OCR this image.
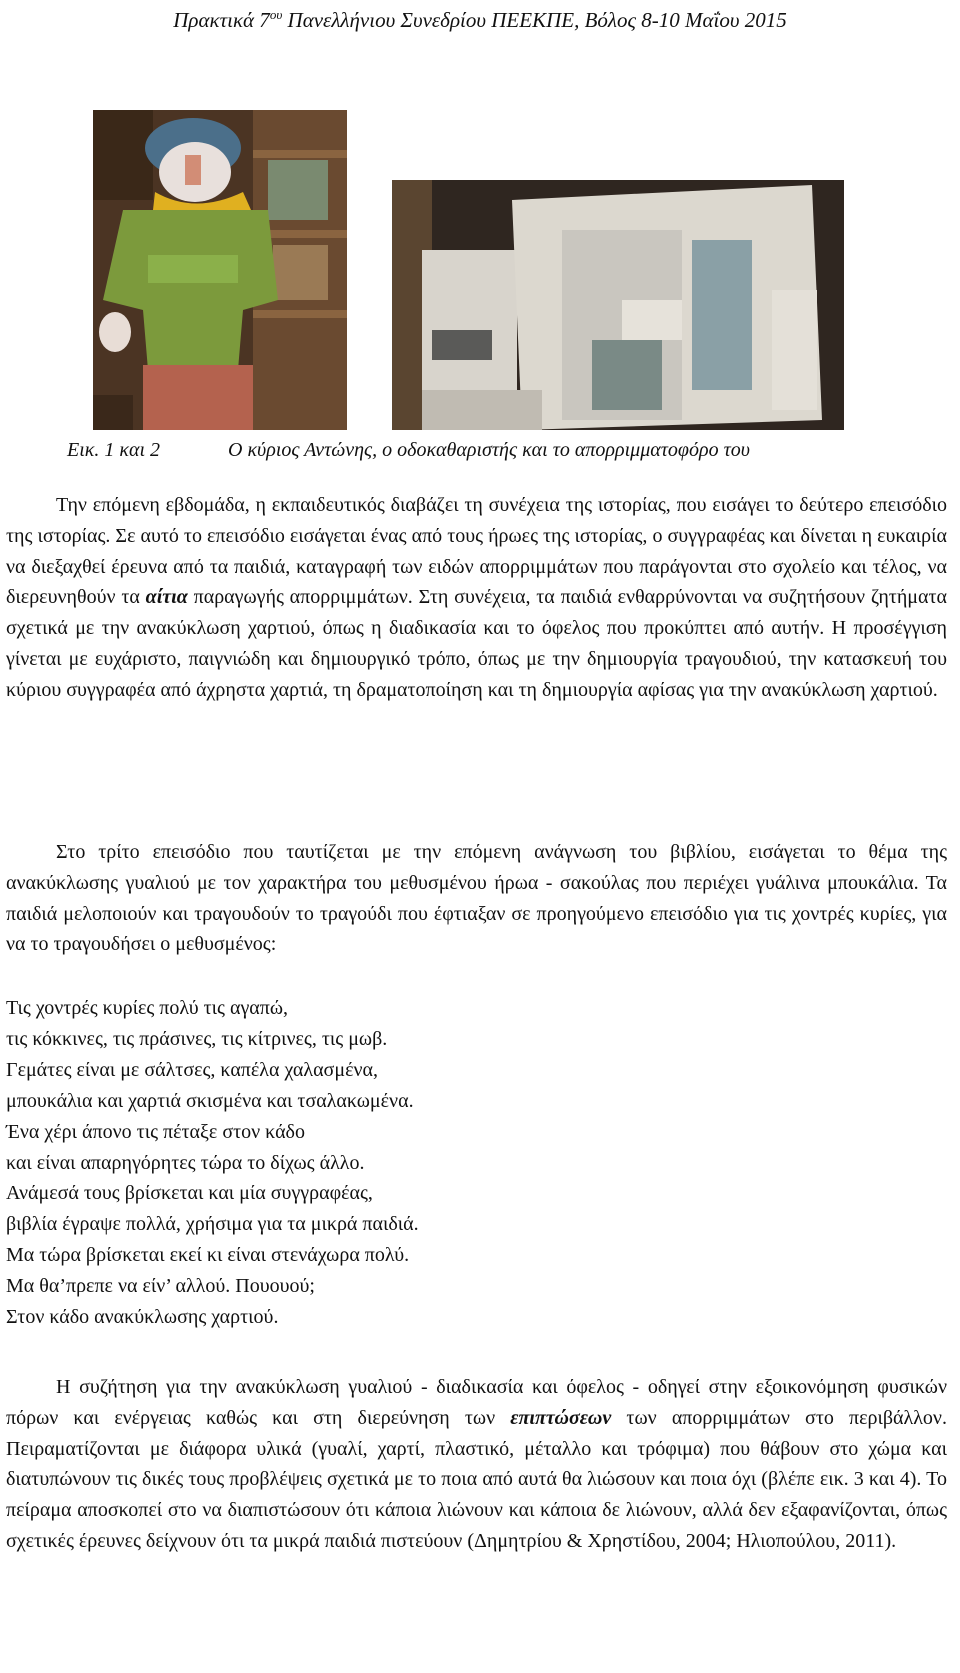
Πρακτικά $7^{o\upsilon}$ Πανελλήνιου Συνεδρίου ΠΕΕΚΠΕ, Βόλος 8-10 Μαΐου 2015
Εικ. 1 και 2	Ο κύριος Αντώνης, ο οδοκαθαριστής και το απορριμματοφόρο του

Την επόμενη εβδομάδα, η εκπαιδευτικός διαβάζει τη συνέχεια της ιστορίας, που εισάγει το δεύτερο επεισόδιο της ιστορίας. Σε αυτό το επεισόδιο εισάγεται ένας από τους ήρωες της ιστορίας, ο συγγραφέας και δίνεται η ευκαιρία να διεξαχθεί έρευνα από τα παιδιά, καταγραφή των ειδών απορριμμάτων που παράγονται στο σχολείο και τέλος, να διερευνηθούν τα αίτια παραγωγής απορριμμάτων. Στη συνέχεια, τα παιδιά ενθαρρύνονται να συζητήσουν ζητήματα σχετικά με την ανακύκλωση χαρτιού, όπως η διαδικασία και το όφελος που προκύπτει από αυτήν. Η προσέγγιση γίνεται με ευχάριστο, παιγνιώδη και δημιουργικό τρόπο, όπως με την δημιουργία τραγουδιού, την κατασκευή του κύριου συγγραφέα από άχρηστα χαρτιά, τη δραματοποίηση και τη δημιουργία αφίσας για την ανακύκλωση χαρτιού.

Στο τρίτο επεισόδιο που ταυτίζεται με την επόμενη ανάγνωση του βιβλίου, εισάγεται το θέμα της ανακύκλωσης γυαλιού με τον χαρακτήρα του μεθυσμένου ήρωα - σακούλας που περιέχει γυάλινα μπουκάλια. Τα παιδιά μελοποιούν και τραγουδούν το τραγούδι που έφτιαξαν σε προηγούμενο επεισόδιο για τις χοντρές κυρίες, για να το τραγουδήσει ο μεθυσμένος:

Τις χοντρές κυρίες πολύ τις αγαπώ,
τις κόκκινες, τις πράσινες, τις κίτρινες, τις μωβ.
Γεμάτες είναι με σάλτσες, καπέλα χαλασμένα,
μπουκάλια και χαρτιά σκισμένα και τσαλακωμένα.
Ένα χέρι άπονο τις πέταξε στον κάδο
και είναι απαρηγόρητες τώρα το δίχως άλλο.
Ανάμεσά τους βρίσκεται και μία συγγραφέας,
βιβλία έγραψε πολλά, χρήσιμα για τα μικρά παιδιά.
Μα τώρα βρίσκεται εκεί κι είναι στενάχωρα πολύ.
Μα θα’πρεπε να είν’ αλλού. Πουουού;
Στον κάδο ανακύκλωσης χαρτιού.

Η συζήτηση για την ανακύκλωση γυαλιού - διαδικασία και όφελος - οδηγεί στην εξοικονόμηση φυσικών πόρων και ενέργειας καθώς και στη διερεύνηση των επιπτώσεων των απορριμμάτων στο περιβάλλον. Πειραματίζονται με διάφορα υλικά (γυαλί, χαρτί, πλαστικό, μέταλλο και τρόφιμα) που θάβουν στο χώμα και διατυπώνουν τις δικές τους προβλέψεις σχετικά με το ποια από αυτά θα λιώσουν και ποια όχι (βλέπε εικ. 3 και 4). Το πείραμα αποσκοπεί στο να διαπιστώσουν ότι κάποια λιώνουν και κάποια δε λιώνουν, αλλά δεν εξαφανίζονται, όπως σχετικές έρευνες δείχνουν ότι τα μικρά παιδιά πιστεύουν (Δημητρίου & Χρηστίδου, 2004; Ηλιοπούλου, 2011).
